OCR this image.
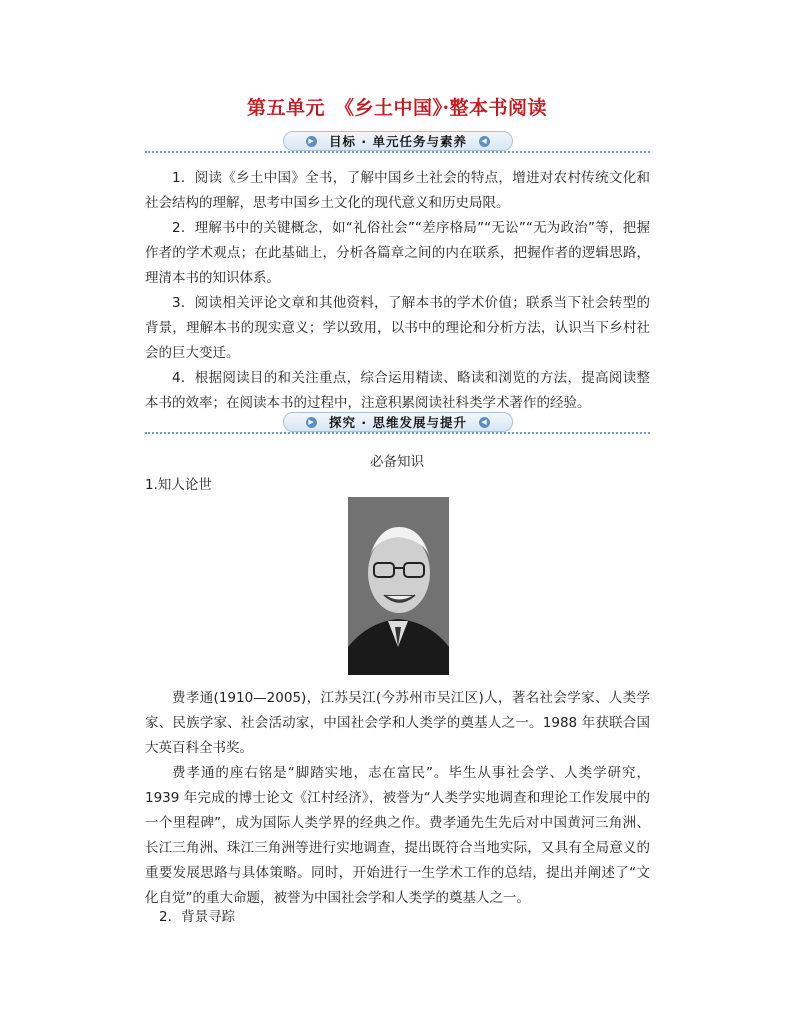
第五单元　《乡土中国》·整本书阅读
▶ 目标 · 单元任务与素养	◀

1．阅读《乡土中国》全书，了解中国乡土社会的特点，增进对农村传统文化和社会结构的理解，思考中国乡土文化的现代意义和历史局限。

2．理解书中的关键概念，如“礼俗社会”“差序格局”“无讼”“无为政治”等，把握作者的学术观点；在此基础上，分析各篇章之间的内在联系，把握作者的逻辑思路，理清本书的知识体系。

3．阅读相关评论文章和其他资料，了解本书的学术价值；联系当下社会转型的背景，理解本书的现实意义；学以致用，以书中的理论和分析方法，认识当下乡村社会的巨大变迁。

4．根据阅读目的和关注重点，综合运用精读、略读和浏览的方法，提高阅读整本书的效率；在阅读本书的过程中，注意积累阅读社科类学术著作的经验。

▶ 探究 · 思维发展与提升	◀
必备知识
1.知人论世

费孝通(1910—2005)，江苏吴江(今苏州市吴江区)人，著名社会学家、人类学家、民族学家、社会活动家，中国社会学和人类学的奠基人之一。1988 年获联合国大英百科全书奖。

费孝通的座右铭是“脚踏实地，志在富民”。毕生从事社会学、人类学研究，1939 年完成的博士论文《江村经济》，被誉为“人类学实地调查和理论工作发展中的一个里程碑”，成为国际人类学界的经典之作。费孝通先生先后对中国黄河三角洲、长江三角洲、珠江三角洲等进行实地调查，提出既符合当地实际，又具有全局意义的重要发展思路与具体策略。同时，开始进行一生学术工作的总结，提出并阐述了“文化自觉”的重大命题，被誉为中国社会学和人类学的奠基人之一。

2．背景寻踪
